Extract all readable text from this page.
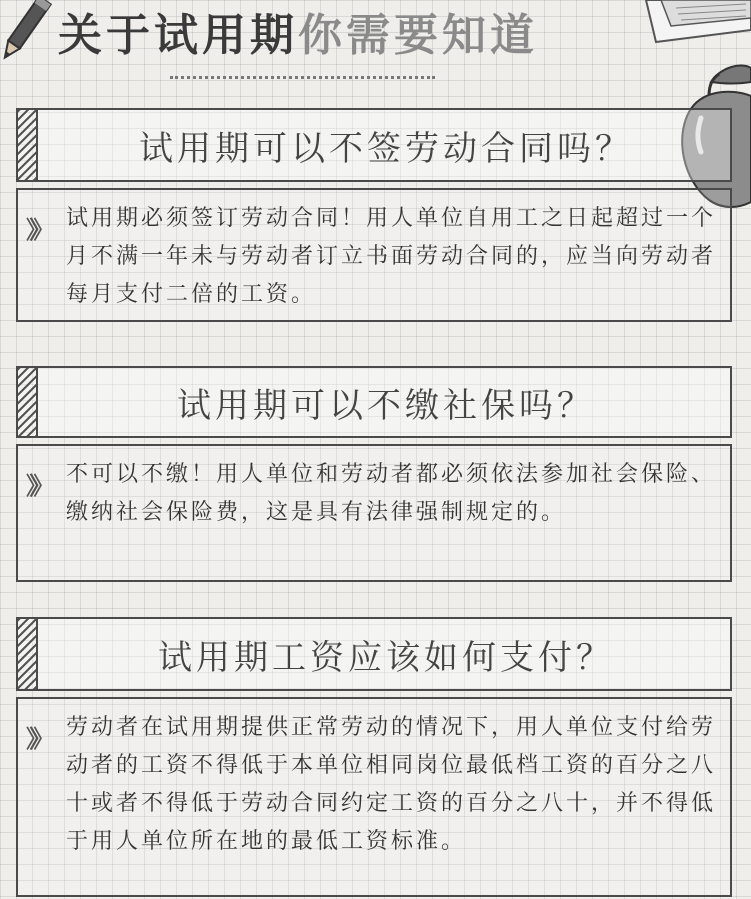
关于试用期你需要知道
试用期可以不签劳动合同吗？
》》 试用期必须签订劳动合同！用人单位自用工之日起超过一个月不满一年未与劳动者订立书面劳动合同的，应当向劳动者每月支付二倍的工资。
试用期可以不缴社保吗？
》》 不可以不缴！用人单位和劳动者都必须依法参加社会保险、缴纳社会保险费，这是具有法律强制规定的。
试用期工资应该如何支付？
》》 劳动者在试用期提供正常劳动的情况下，用人单位支付给劳动者的工资不得低于本单位相同岗位最低档工资的百分之八十或者不得低于劳动合同约定工资的百分之八十，并不得低于用人单位所在地的最低工资标准。
